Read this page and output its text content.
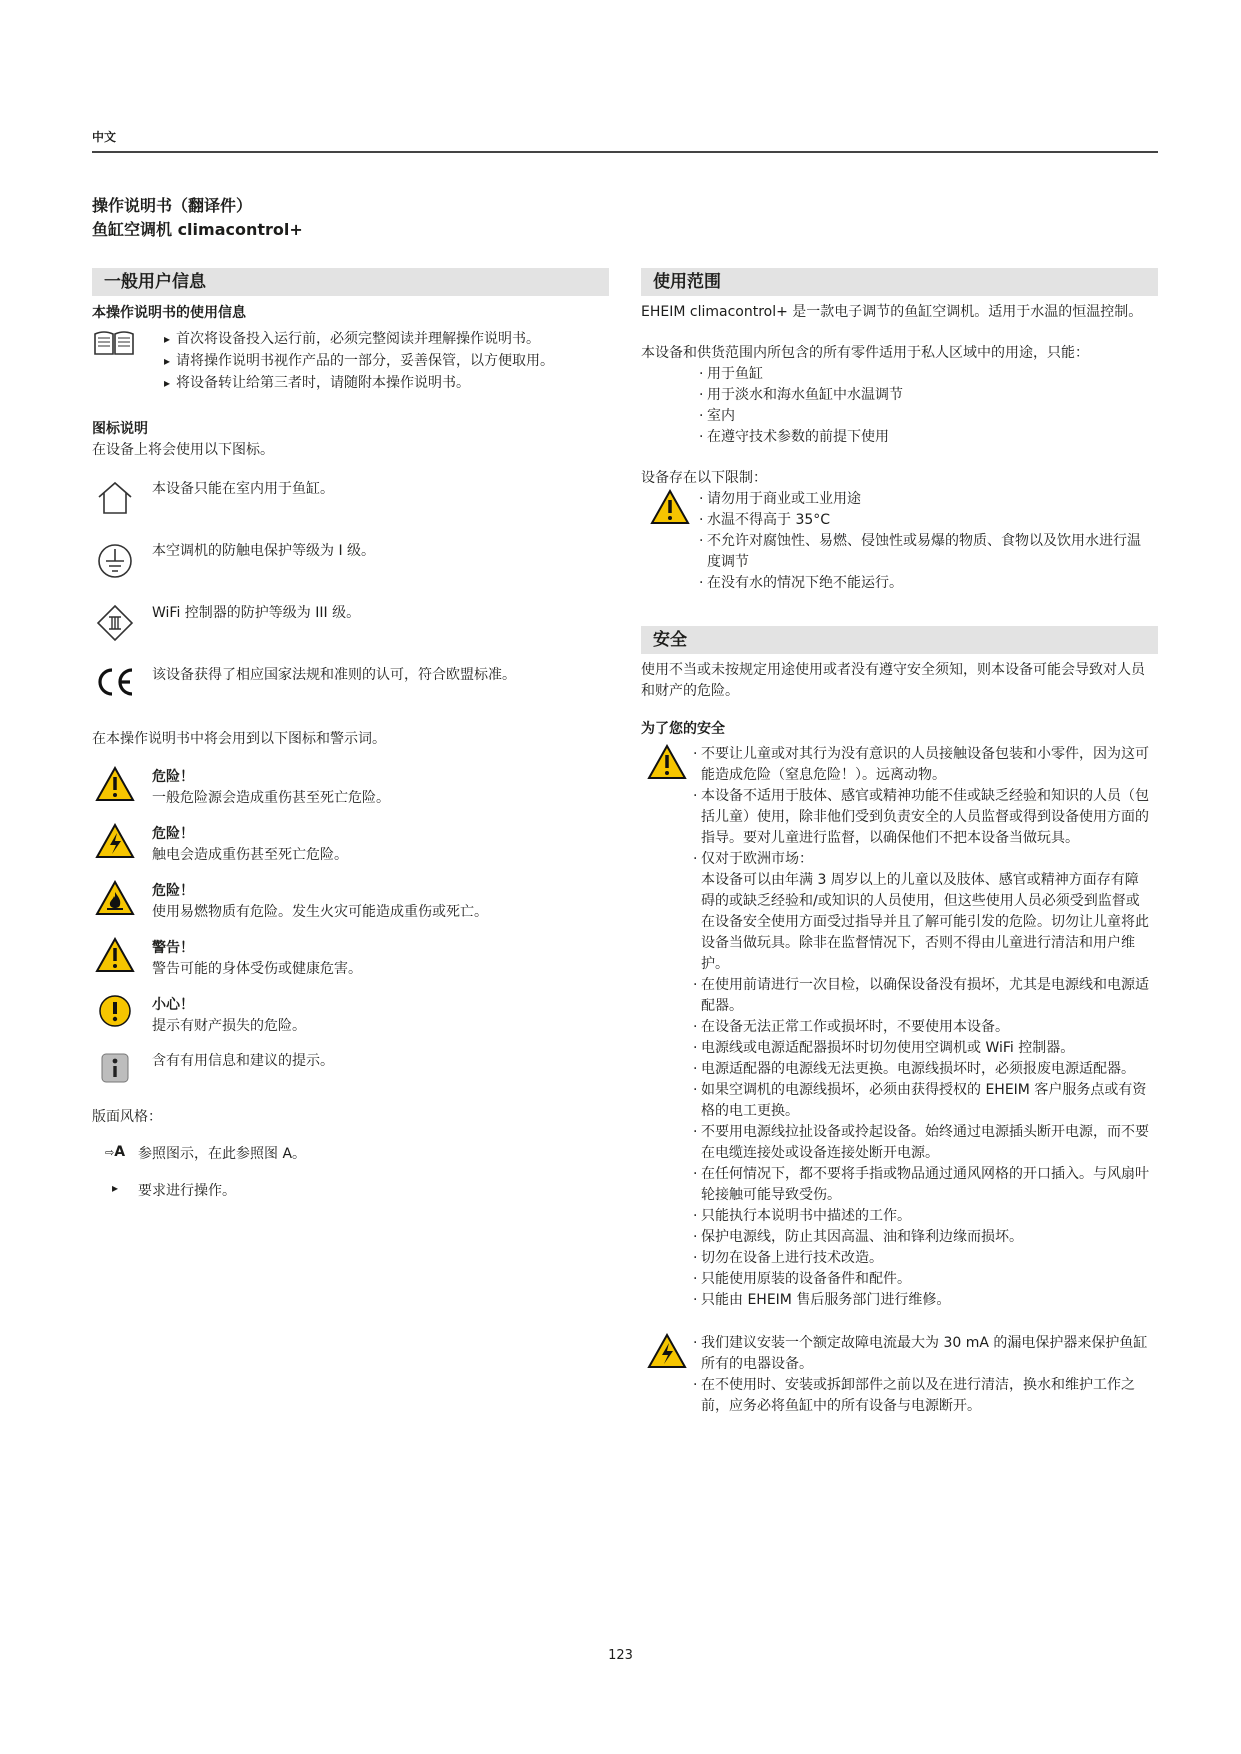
中文
操作说明书（翻译件）
鱼缸空调机 climacontrol+
一般用户信息
本操作说明书的使用信息
▸ 首次将设备投入运行前，必须完整阅读并理解操作说明书。
▸ 请将操作说明书视作产品的一部分，妥善保管，以方便取用。
▸ 将设备转让给第三者时，请随附本操作说明书。
图标说明
在设备上将会使用以下图标。
本设备只能在室内用于鱼缸。
本空调机的防触电保护等级为 I 级。
WiFi 控制器的防护等级为 III 级。
该设备获得了相应国家法规和准则的认可，符合欧盟标准。
在本操作说明书中将会用到以下图标和警示词。
危险！
一般危险源会造成重伤甚至死亡危险。
危险！
触电会造成重伤甚至死亡危险。
危险！
使用易燃物质有危险。发生火灾可能造成重伤或死亡。
警告！
警告可能的身体受伤或健康危害。
小心！
提示有财产损失的危险。
含有有用信息和建议的提示。
版面风格：
⇨A 参照图示，在此参照图 A。
▸	要求进行操作。
使用范围
EHEIM climacontrol+ 是一款电子调节的鱼缸空调机。适用于水温的恒温控制。
本设备和供货范围内所包含的所有零件适用于私人区域中的用途，只能：
· 用于鱼缸
· 用于淡水和海水鱼缸中水温调节
· 室内
· 在遵守技术参数的前提下使用
设备存在以下限制：
· 请勿用于商业或工业用途
· 水温不得高于 35°C
· 不允许对腐蚀性、易燃、侵蚀性或易爆的物质、食物以及饮用水进行温度调节
· 在没有水的情况下绝不能运行。
安全
使用不当或未按规定用途使用或者没有遵守安全须知，则本设备可能会导致对人员和财产的危险。
为了您的安全
· 不要让儿童或对其行为没有意识的人员接触设备包装和小零件，因为这可能造成危险（窒息危险！）。远离动物。
· 本设备不适用于肢体、感官或精神功能不佳或缺乏经验和知识的人员（包括儿童）使用，除非他们受到负责安全的人员监督或得到设备使用方面的指导。要对儿童进行监督，以确保他们不把本设备当做玩具。
· 仅对于欧洲市场：
本设备可以由年满 3 周岁以上的儿童以及肢体、感官或精神方面存有障碍的或缺乏经验和/或知识的人员使用，但这些使用人员必须受到监督或在设备安全使用方面受过指导并且了解可能引发的危险。切勿让儿童将此设备当做玩具。除非在监督情况下，否则不得由儿童进行清洁和用户维护。
· 在使用前请进行一次目检，以确保设备没有损坏，尤其是电源线和电源适配器。
· 在设备无法正常工作或损坏时，不要使用本设备。
· 电源线或电源适配器损坏时切勿使用空调机或 WiFi 控制器。
· 电源适配器的电源线无法更换。电源线损坏时，必须报废电源适配器。
· 如果空调机的电源线损坏，必须由获得授权的 EHEIM 客户服务点或有资格的电工更换。
· 不要用电源线拉扯设备或拎起设备。始终通过电源插头断开电源，而不要在电缆连接处或设备连接处断开电源。
· 在任何情况下，都不要将手指或物品通过通风网格的开口插入。与风扇叶轮接触可能导致受伤。
· 只能执行本说明书中描述的工作。
· 保护电源线，防止其因高温、油和锋利边缘而损坏。
· 切勿在设备上进行技术改造。
· 只能使用原装的设备备件和配件。
· 只能由 EHEIM 售后服务部门进行维修。
· 我们建议安装一个额定故障电流最大为 30 mA 的漏电保护器来保护鱼缸所有的电器设备。
· 在不使用时、安装或拆卸部件之前以及在进行清洁，换水和维护工作之前，应务必将鱼缸中的所有设备与电源断开。
123
